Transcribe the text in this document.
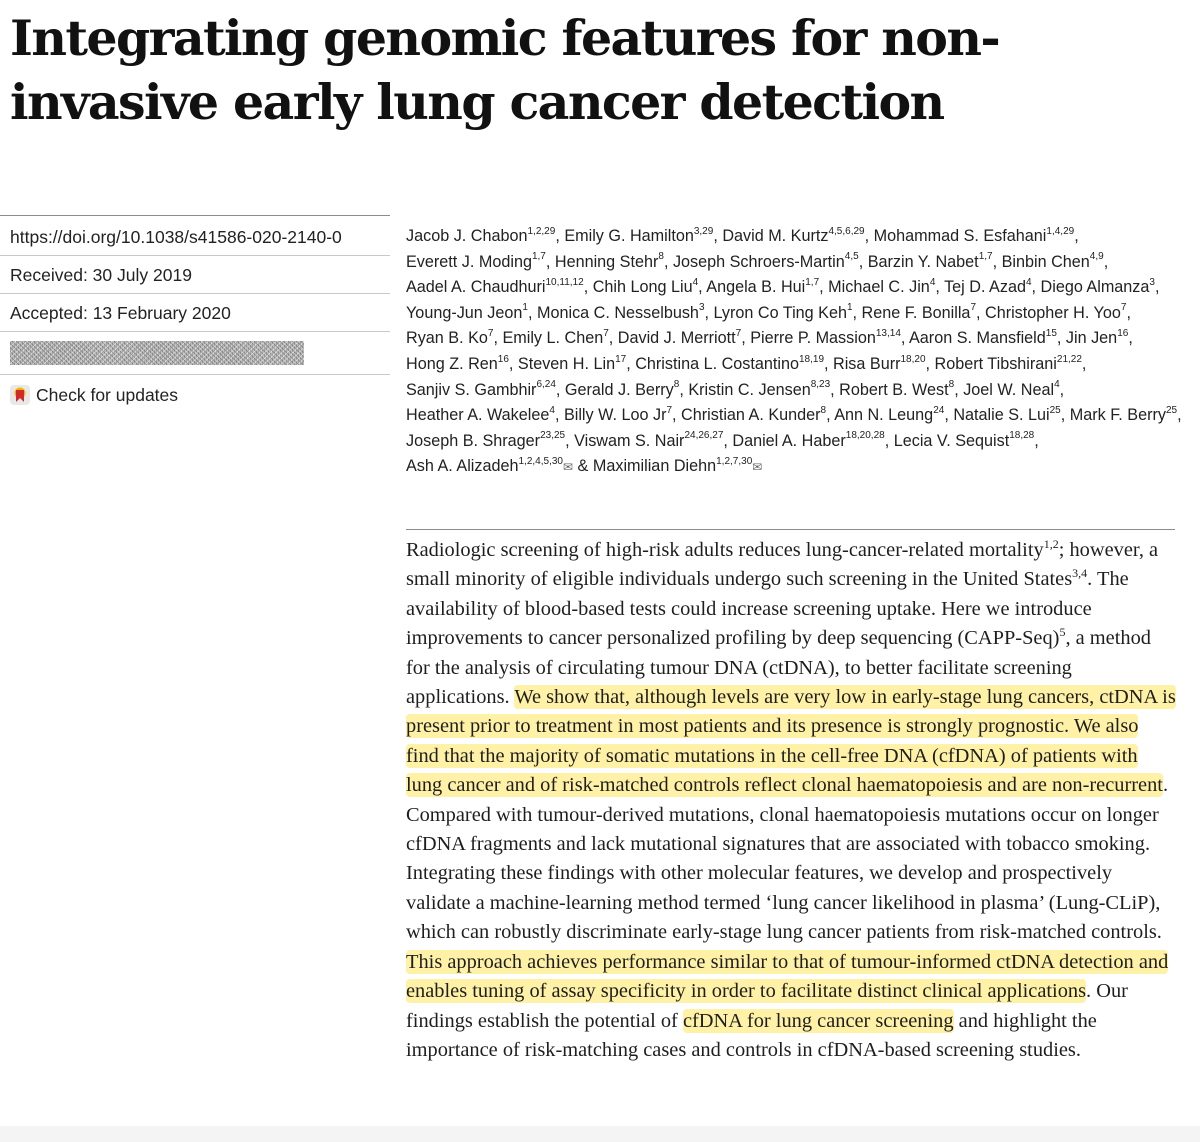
Integrating genomic features for non-invasive early lung cancer detection
https://doi.org/10.1038/s41586-020-2140-0
Received: 30 July 2019
Accepted: 13 February 2020
Check for updates

Jacob J. Chabon$^{1,2,29}$, Emily G. Hamilton$^{3,29}$, David M. Kurtz$^{4,5,6,29}$, Mohammad S. Esfahani$^{1,4,29}$, Everett J. Moding$^{1,7}$, Henning Stehr$^8$, Joseph Schroers-Martin$^{4,5}$, Barzin Y. Nabet$^{1,7}$, Binbin Chen$^{4,9}$, Aadel A. Chaudhuri$^{10,11,12}$, Chih Long Liu$^4$, Angela B. Hui$^{1,7}$, Michael C. Jin$^4$, Tej D. Azad$^4$, Diego Almanza$^3$, Young-Jun Jeon$^1$, Monica C. Nesselbush$^3$, Lyron Co Ting Keh$^1$, Rene F. Bonilla$^7$, Christopher H. Yoo$^7$, Ryan B. Ko$^7$, Emily L. Chen$^7$, David J. Merriott$^7$, Pierre P. Massion$^{13,14}$, Aaron S. Mansfield$^{15}$, Jin Jen$^{16}$, Hong Z. Ren$^{16}$, Steven H. Lin$^{17}$, Christina L. Costantino$^{18,19}$, Risa Burr$^{18,20}$, Robert Tibshirani$^{21,22}$, Sanjiv S. Gambhir$^{6,24}$, Gerald J. Berry$^8$, Kristin C. Jensen$^{8,23}$, Robert B. West$^8$, Joel W. Neal$^4$, Heather A. Wakelee$^4$, Billy W. Loo Jr$^7$, Christian A. Kunder$^8$, Ann N. Leung$^{24}$, Natalie S. Lui$^{25}$, Mark F. Berry$^{25}$, Joseph B. Shrager$^{23,25}$, Viswam S. Nair$^{24,26,27}$, Daniel A. Haber$^{18,20,28}$, Lecia V. Sequist$^{18,28}$, Ash A. Alizadeh$^{1,2,4,5,30}$✉ & Maximilian Diehn$^{1,2,7,30}$✉

Radiologic screening of high-risk adults reduces lung-cancer-related mortality$^{1,2}$; however, a small minority of eligible individuals undergo such screening in the United States$^{3,4}$. The availability of blood-based tests could increase screening uptake. Here we introduce improvements to cancer personalized profiling by deep sequencing (CAPP-Seq)$^5$, a method for the analysis of circulating tumour DNA (ctDNA), to better facilitate screening applications. We show that, although levels are very low in early-stage lung cancers, ctDNA is present prior to treatment in most patients and its presence is strongly prognostic. We also find that the majority of somatic mutations in the cell-free DNA (cfDNA) of patients with lung cancer and of risk-matched controls reflect clonal haematopoiesis and are non-recurrent. Compared with tumour-derived mutations, clonal haematopoiesis mutations occur on longer cfDNA fragments and lack mutational signatures that are associated with tobacco smoking. Integrating these findings with other molecular features, we develop and prospectively validate a machine-learning method termed ‘lung cancer likelihood in plasma’ (Lung-CLiP), which can robustly discriminate early-stage lung cancer patients from risk-matched controls. This approach achieves performance similar to that of tumour-informed ctDNA detection and enables tuning of assay specificity in order to facilitate distinct clinical applications. Our findings establish the potential of cfDNA for lung cancer screening and highlight the importance of risk-matching cases and controls in cfDNA-based screening studies.
